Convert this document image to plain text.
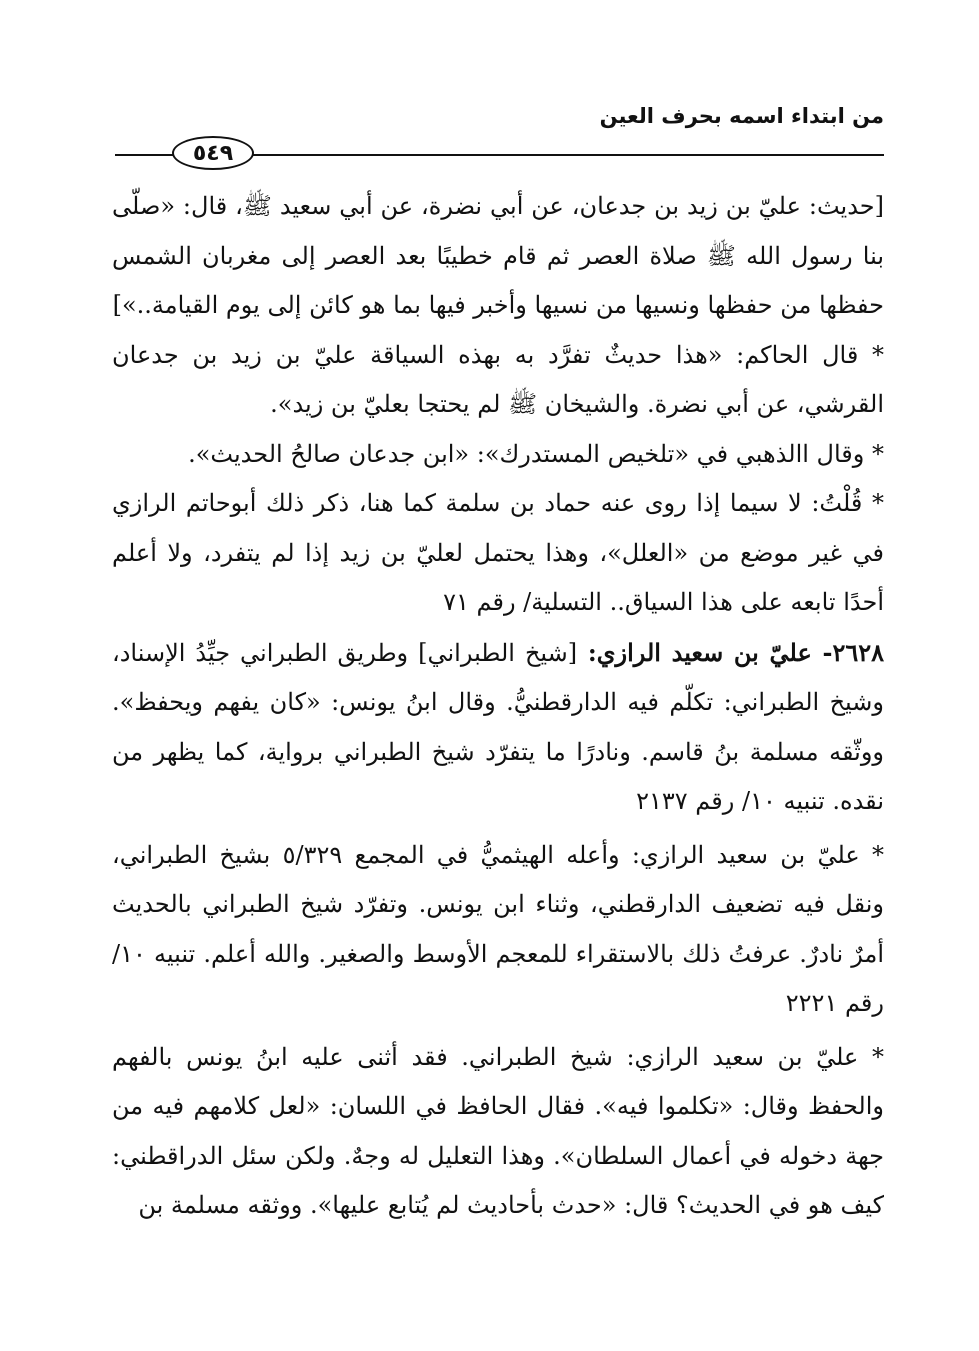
من ابتداء اسمه بحرف العين
٥٤٩

[حديث: عليّ بن زيد بن جدعان، عن أبي نضرة، عن أبي سعيد ﷺ، قال: «صلّى بنا رسول الله ﷺ صلاة العصر ثم قام خطيبًا بعد العصر إلى مغربان الشمس حفظها من حفظها ونسيها من نسيها وأخبر فيها بما هو كائن إلى يوم القيامة..»]

* قال الحاكم: «هذا حديثٌ تفرَّد به بهذه السياقة عليّ بن زيد بن جدعان القرشي، عن أبي نضرة. والشيخان ﷺ لم يحتجا بعليّ بن زيد».

* وقال االذهبي في «تلخيص المستدرك»: «ابن جدعان صالحُ الحديث».

* قُلْتُ: لا سيما إذا روى عنه حماد بن سلمة كما هنا، ذكر ذلك أبوحاتم الرازي في غير موضع من «العلل»، وهذا يحتمل لعليّ بن زيد إذا لم يتفرد، ولا أعلم أحدًا تابعه على هذا السياق.. التسلية/ رقم ٧١

٢٦٢٨- عليّ بن سعيد الرازي: [شيخ الطبراني] وطريق الطبراني جيِّدُ الإسناد، وشيخ الطبراني: تكلّم فيه الدارقطنيُّ. وقال ابنُ يونس: «كان يفهم ويحفظ». ووثّقه مسلمة بنُ قاسم. ونادرًا ما يتفرّد شيخ الطبراني برواية، كما يظهر من نقده. تنبيه ١٠/ رقم ٢١٣٧

* عليّ بن سعيد الرازي: وأعله الهيثميُّ في المجمع ٥/٣٢٩ بشيخ الطبراني، ونقل فيه تضعيف الدارقطني، وثناء ابن يونس. وتفرّد شيخ الطبراني بالحديث أمرٌ نادرٌ. عرفتُ ذلك بالاستقراء للمعجم الأوسط والصغير. والله أعلم. تنبيه ١٠/ رقم ٢٢٢١

* عليّ بن سعيد الرازي: شيخ الطبراني. فقد أثنى عليه ابنُ يونس بالفهم والحفظ وقال: «تكلموا فيه». فقال الحافظ في اللسان: «لعل كلامهم فيه من جهة دخوله في أعمال السلطان». وهذا التعليل له وجهٌ. ولكن سئل الدراقطني: كيف هو في الحديث؟ قال: «حدث بأحاديث لم يُتابع عليها». ووثقه مسلمة بن
